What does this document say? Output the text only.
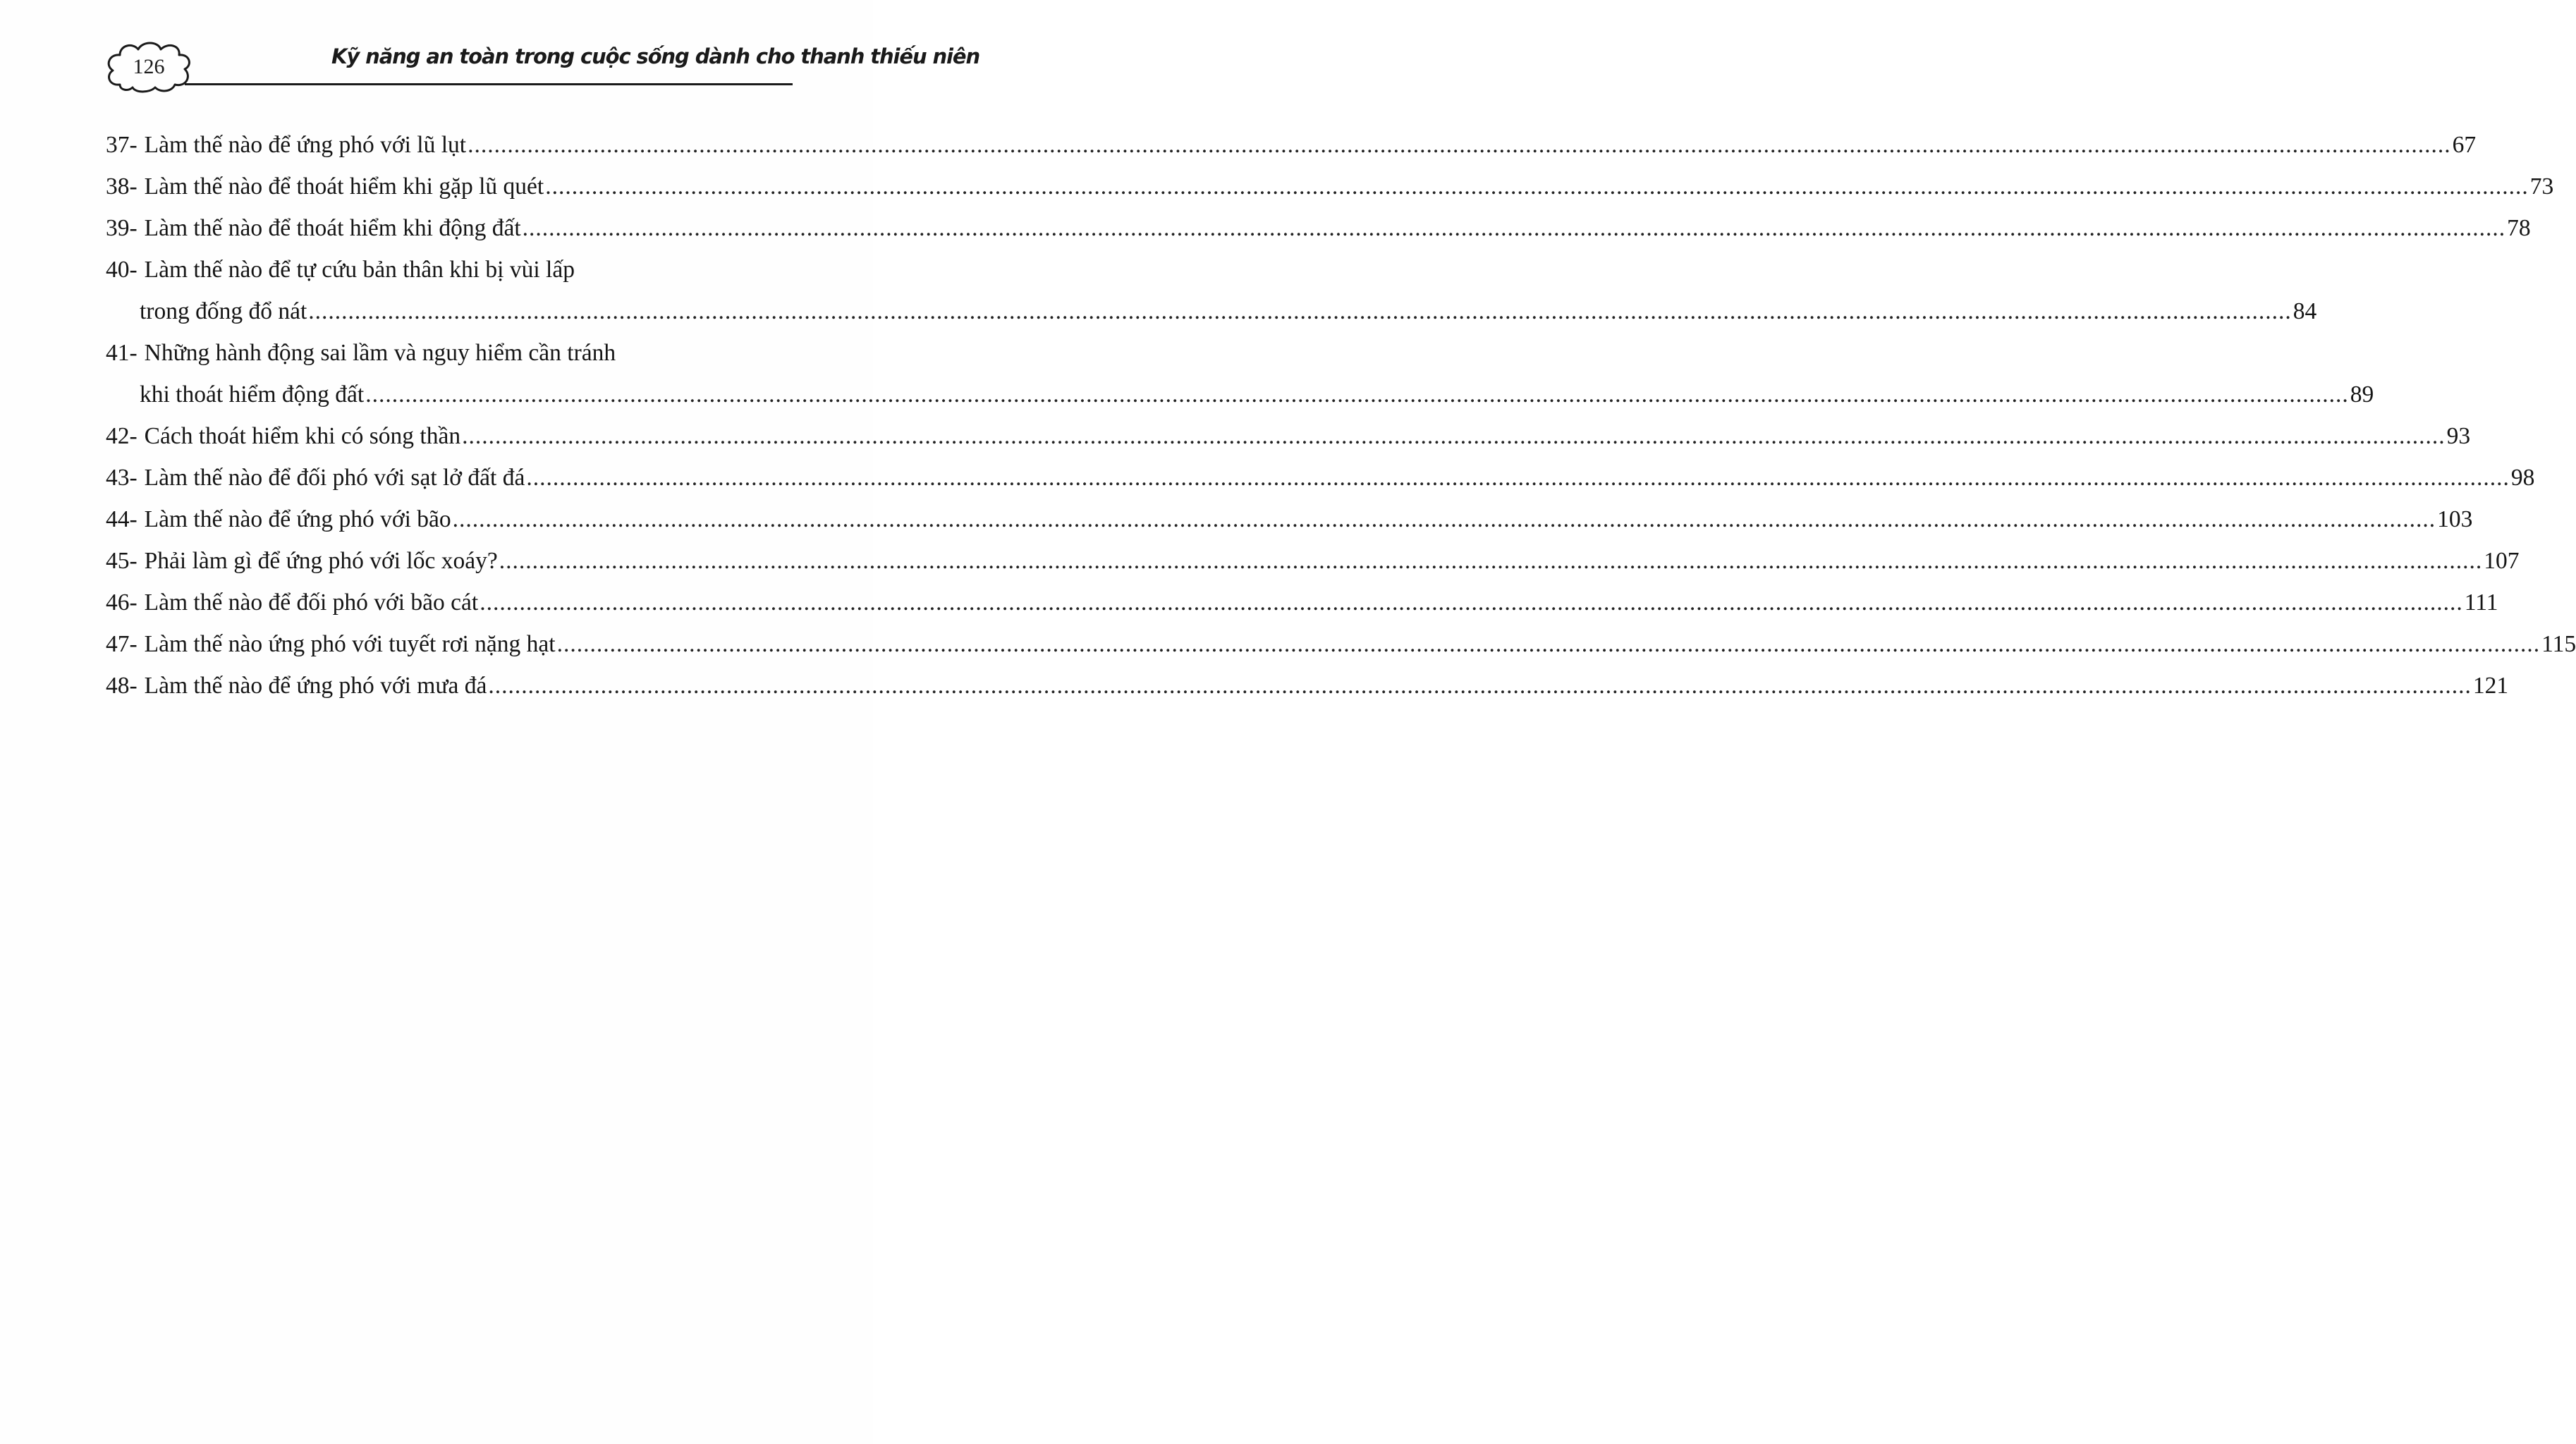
126	Kỹ năng an toàn trong cuộc sống dành cho thanh thiếu niên
37- Làm thế nào để ứng phó với lũ lụt ............................................................................................................................................................................................................................................................................................................ 67
38- Làm thế nào để thoát hiểm khi gặp lũ quét ............................................................................................................................................................................................................................................................................................................ 73
39- Làm thế nào để thoát hiểm khi động đất ............................................................................................................................................................................................................................................................................................................ 78
40- Làm thế nào để tự cứu bản thân khi bị vùi lấp
trong đống đổ nát ............................................................................................................................................................................................................................................................................................................ 84
41- Những hành động sai lầm và nguy hiểm cần tránh
khi thoát hiểm động đất ............................................................................................................................................................................................................................................................................................................ 89
42- Cách thoát hiểm khi có sóng thần ............................................................................................................................................................................................................................................................................................................ 93
43- Làm thế nào để đối phó với sạt lở đất đá ............................................................................................................................................................................................................................................................................................................ 98
44- Làm thế nào để ứng phó với bão ............................................................................................................................................................................................................................................................................................................ 103
45- Phải làm gì để ứng phó với lốc xoáy? ............................................................................................................................................................................................................................................................................................................ 107
46- Làm thế nào để đối phó với bão cát ............................................................................................................................................................................................................................................................................................................ 111
47- Làm thế nào ứng phó với tuyết rơi nặng hạt ............................................................................................................................................................................................................................................................................................................ 115
48- Làm thế nào để ứng phó với mưa đá ............................................................................................................................................................................................................................................................................................................ 121
